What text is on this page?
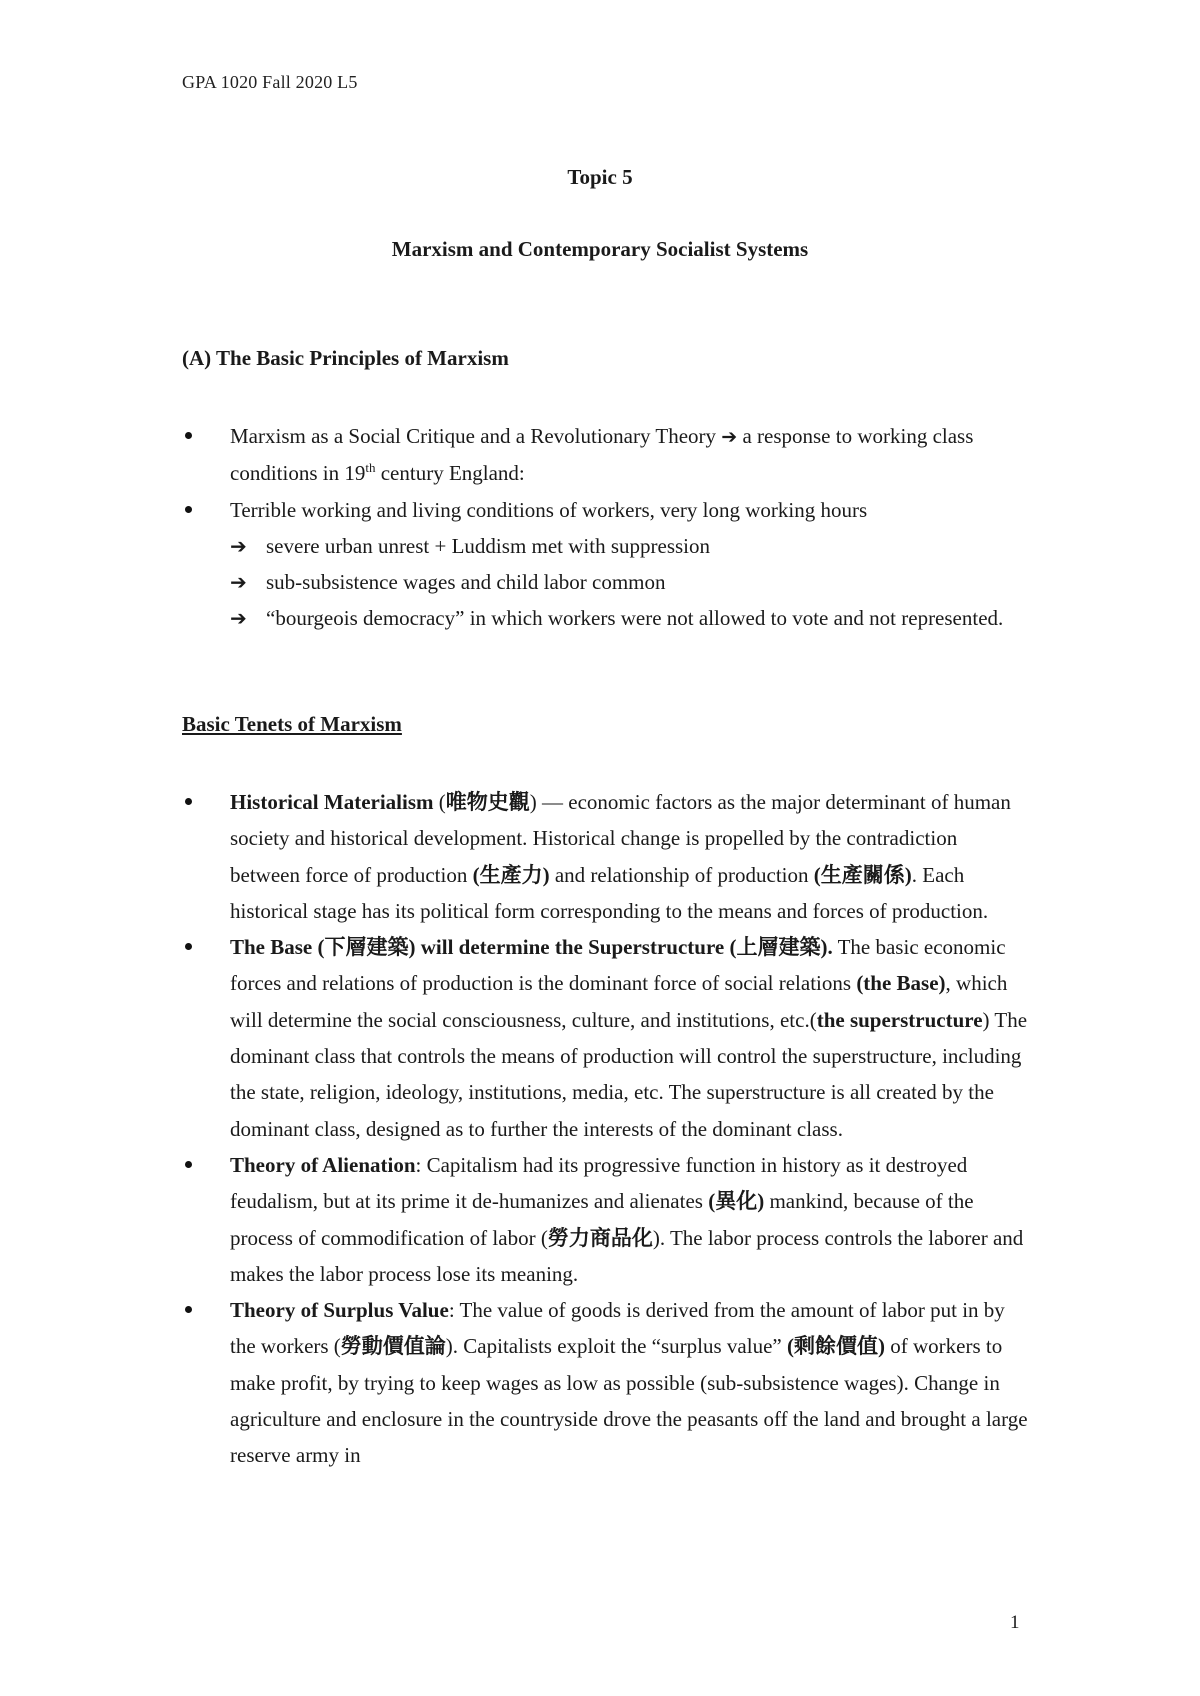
GPA 1020 Fall 2020 L5
Topic 5
Marxism and Contemporary Socialist Systems
(A) The Basic Principles of Marxism
Marxism as a Social Critique and a Revolutionary Theory ➔ a response to working class conditions in 19th century England:
Terrible working and living conditions of workers, very long working hours
➔ severe urban unrest + Luddism met with suppression
➔ sub-subsistence wages and child labor common
➔ “bourgeois democracy” in which workers were not allowed to vote and not represented.
Basic Tenets of Marxism
Historical Materialism (唯物史觀) — economic factors as the major determinant of human society and historical development. Historical change is propelled by the contradiction between force of production (生產力) and relationship of production (生產關係). Each historical stage has its political form corresponding to the means and forces of production.
The Base (下層建築) will determine the Superstructure (上層建築). The basic economic forces and relations of production is the dominant force of social relations (the Base), which will determine the social consciousness, culture, and institutions, etc.(the superstructure) The dominant class that controls the means of production will control the superstructure, including the state, religion, ideology, institutions, media, etc. The superstructure is all created by the dominant class, designed as to further the interests of the dominant class.
Theory of Alienation: Capitalism had its progressive function in history as it destroyed feudalism, but at its prime it de-humanizes and alienates (異化) mankind, because of the process of commodification of labor (勞力商品化). The labor process controls the laborer and makes the labor process lose its meaning.
Theory of Surplus Value: The value of goods is derived from the amount of labor put in by the workers (勞動價值論). Capitalists exploit the “surplus value” (剩餘價值) of workers to make profit, by trying to keep wages as low as possible (sub-subsistence wages). Change in agriculture and enclosure in the countryside drove the peasants off the land and brought a large reserve army in
1
